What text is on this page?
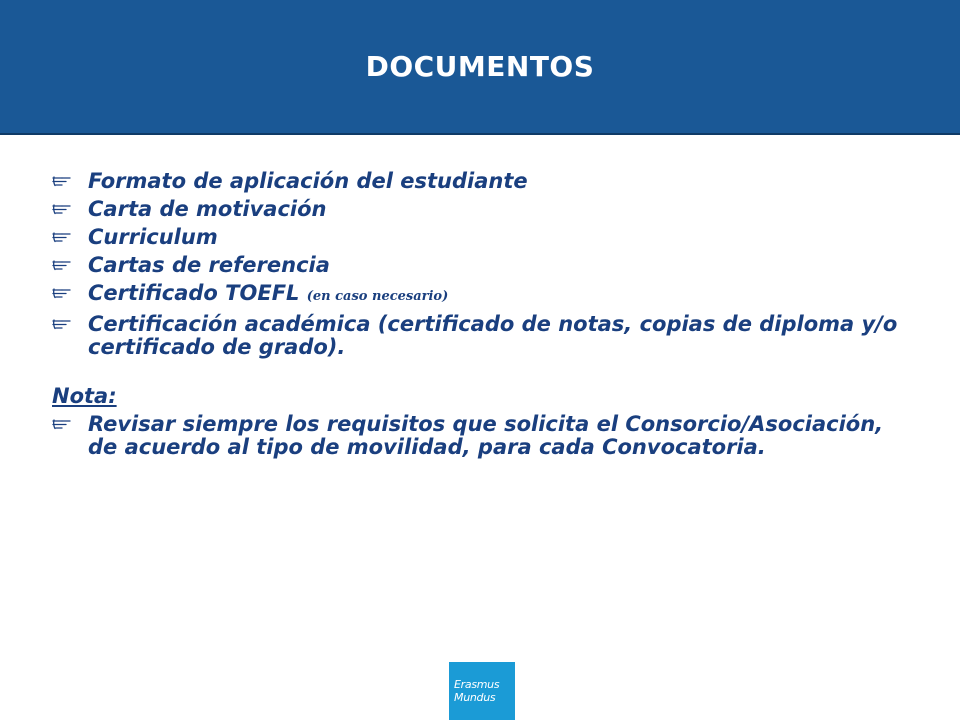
DOCUMENTOS
Formato de aplicación del estudiante
Carta de motivación
Curriculum
Cartas de referencia
Certificado TOEFL (en caso necesario)
Certificación académica (certificado de notas, copias de diploma y/o certificado de grado).
Nota:
Revisar siempre los requisitos que solicita el Consorcio/Asociación, de acuerdo al tipo de movilidad, para cada Convocatoria.
Erasmus
Mundus
